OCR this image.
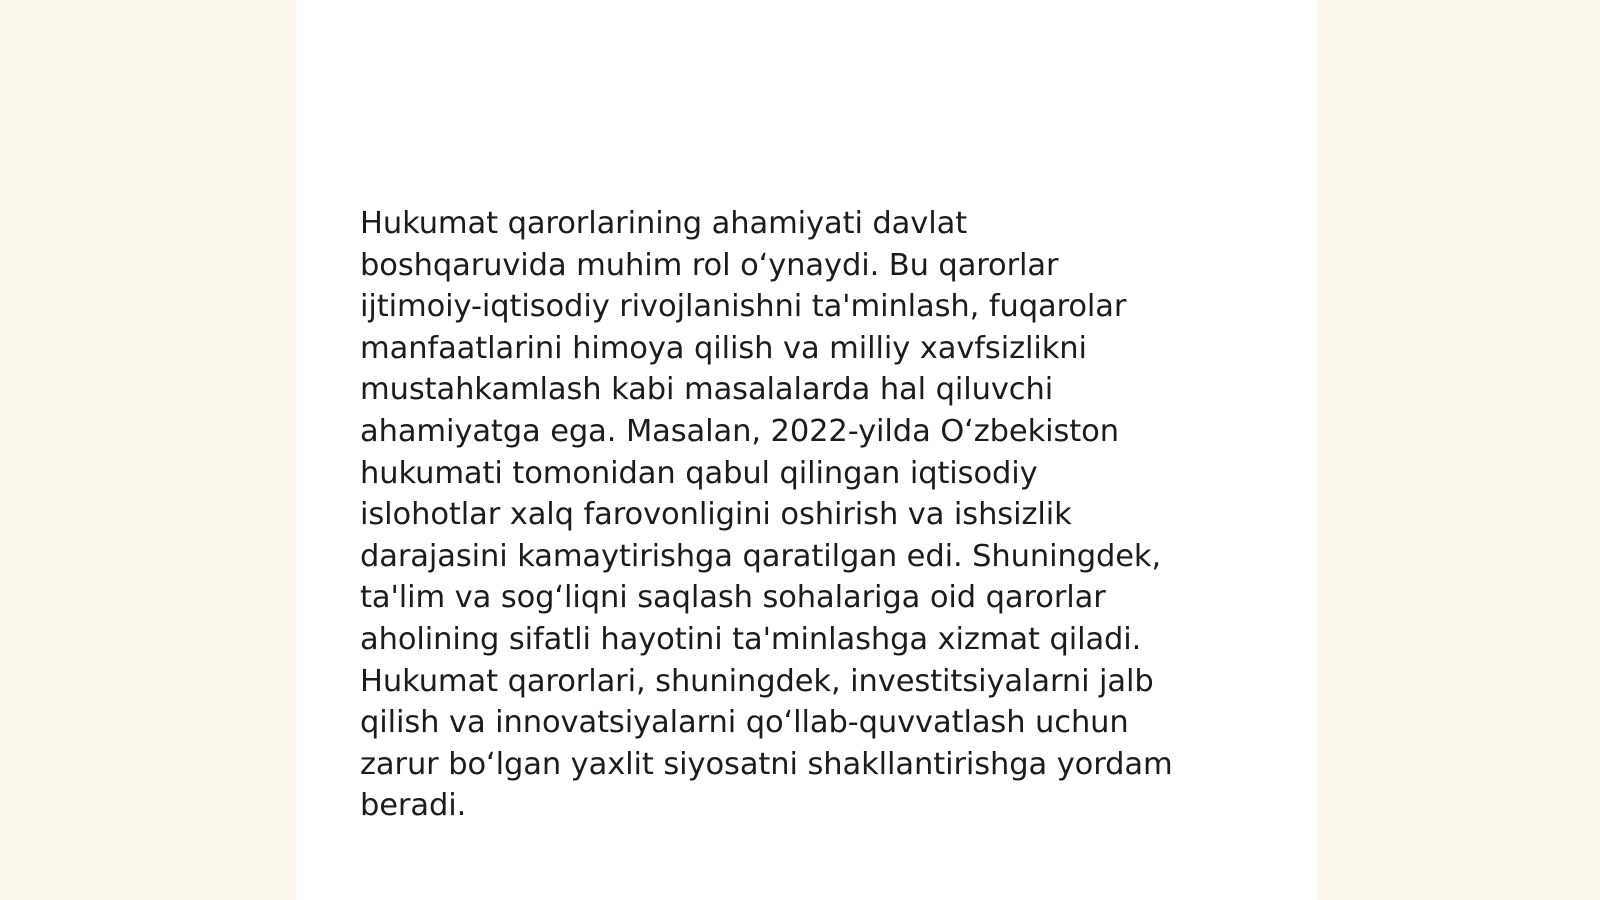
Hukumat qarorlarining ahamiyati davlat
boshqaruvida muhim rol o‘ynaydi. Bu qarorlar
ijtimoiy-iqtisodiy rivojlanishni ta'minlash, fuqarolar
manfaatlarini himoya qilish va milliy xavfsizlikni
mustahkamlash kabi masalalarda hal qiluvchi
ahamiyatga ega. Masalan, 2022-yilda O‘zbekiston
hukumati tomonidan qabul qilingan iqtisodiy
islohotlar xalq farovonligini oshirish va ishsizlik
darajasini kamaytirishga qaratilgan edi. Shuningdek,
ta'lim va sog‘liqni saqlash sohalariga oid qarorlar
aholining sifatli hayotini ta'minlashga xizmat qiladi.
Hukumat qarorlari, shuningdek, investitsiyalarni jalb
qilish va innovatsiyalarni qo‘llab-quvvatlash uchun
zarur bo‘lgan yaxlit siyosatni shakllantirishga yordam
beradi.
